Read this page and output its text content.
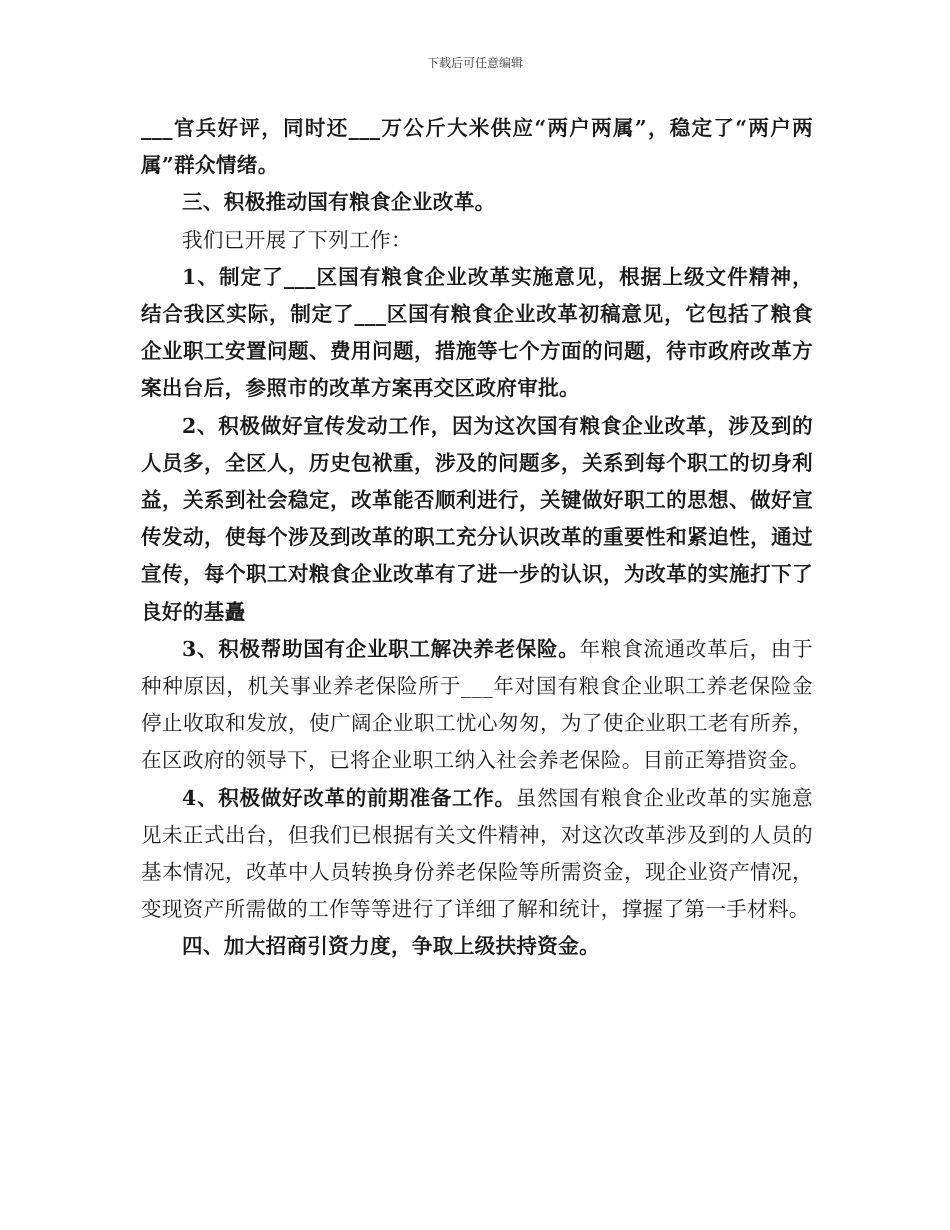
下载后可任意编辑

___官兵好评，同时还___万公斤大米供应“两户两属”，稳定了“两户两属”群众情绪。

三、积极推动国有粮食企业改革。

我们已开展了下列工作：

1、制定了___区国有粮食企业改革实施意见，根据上级文件精神，结合我区实际，制定了___区国有粮食企业改革初稿意见，它包括了粮食企业职工安置问题、费用问题，措施等七个方面的问题，待市政府改革方案出台后，参照市的改革方案再交区政府审批。

2、积极做好宣传发动工作，因为这次国有粮食企业改革，涉及到的人员多，全区人，历史包袱重，涉及的问题多，关系到每个职工的切身利益，关系到社会稳定，改革能否顺利进行，关键做好职工的思想、做好宣传发动，使每个涉及到改革的职工充分认识改革的重要性和紧迫性，通过宣传，每个职工对粮食企业改革有了进一步的认识，为改革的实施打下了良好的基矗

3、积极帮助国有企业职工解决养老保险。年粮食流通改革后，由于种种原因，机关事业养老保险所于___年对国有粮食企业职工养老保险金停止收取和发放，使广阔企业职工忧心匆匆，为了使企业职工老有所养，在区政府的领导下，已将企业职工纳入社会养老保险。目前正筹措资金。

4、积极做好改革的前期准备工作。虽然国有粮食企业改革的实施意见未正式出台，但我们已根据有关文件精神，对这次改革涉及到的人员的基本情况，改革中人员转换身份养老保险等所需资金，现企业资产情况，变现资产所需做的工作等等进行了详细了解和统计，撑握了第一手材料。

四、加大招商引资力度，争取上级扶持资金。
